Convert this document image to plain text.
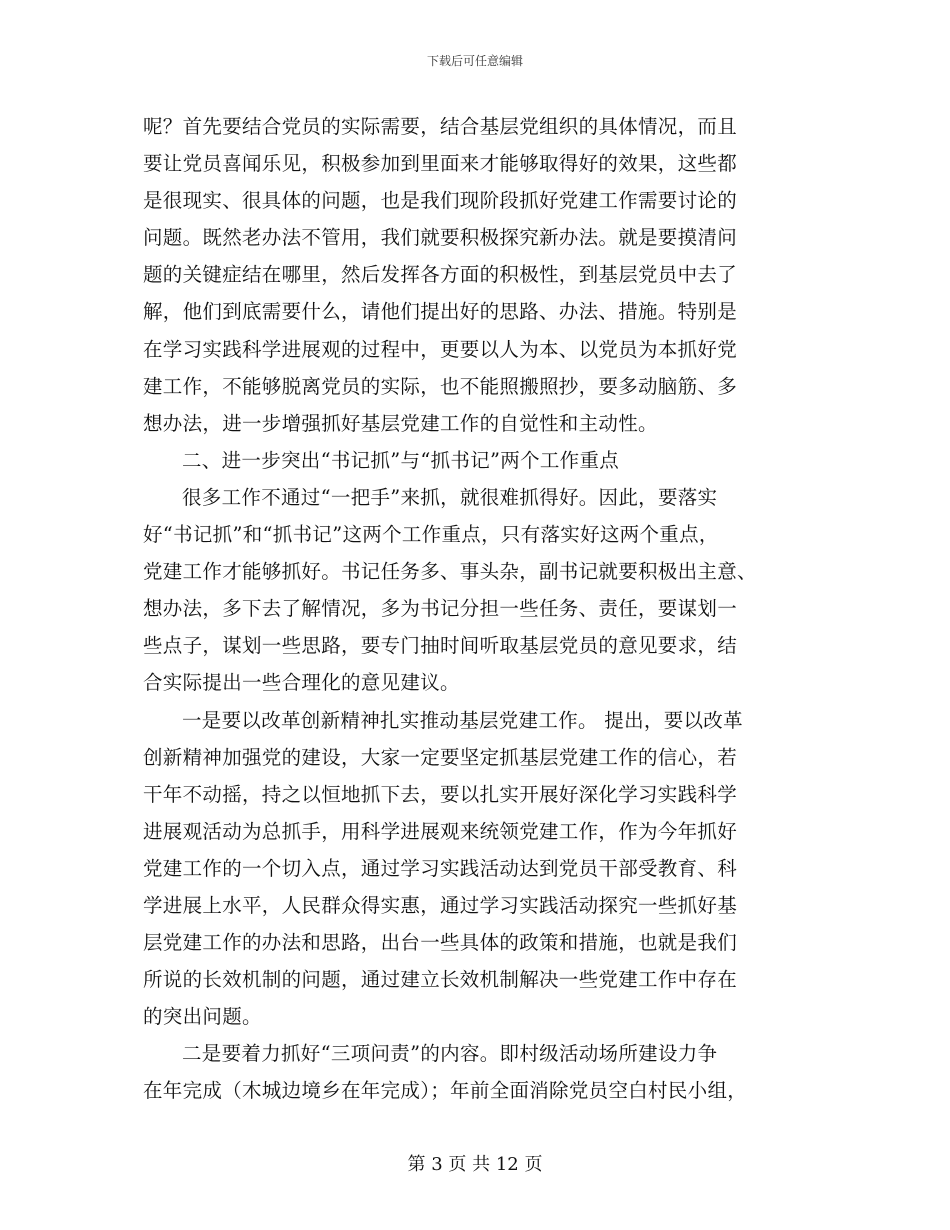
下载后可任意编辑
呢？首先要结合党员的实际需要，结合基层党组织的具体情况，而且
要让党员喜闻乐见，积极参加到里面来才能够取得好的效果，这些都
是很现实、很具体的问题，也是我们现阶段抓好党建工作需要讨论的
问题。既然老办法不管用，我们就要积极探究新办法。就是要摸清问
题的关键症结在哪里，然后发挥各方面的积极性，到基层党员中去了
解，他们到底需要什么，请他们提出好的思路、办法、措施。特别是
在学习实践科学进展观的过程中，更要以人为本、以党员为本抓好党
建工作，不能够脱离党员的实际，也不能照搬照抄，要多动脑筋、多
想办法，进一步增强抓好基层党建工作的自觉性和主动性。
二、进一步突出“书记抓”与“抓书记”两个工作重点
很多工作不通过“一把手”来抓，就很难抓得好。因此，要落实
好“书记抓”和“抓书记”这两个工作重点，只有落实好这两个重点，
党建工作才能够抓好。书记任务多、事头杂，副书记就要积极出主意、
想办法，多下去了解情况，多为书记分担一些任务、责任，要谋划一
些点子，谋划一些思路，要专门抽时间听取基层党员的意见要求，结
合实际提出一些合理化的意见建议。
一是要以改革创新精神扎实推动基层党建工作。 提出，要以改革
创新精神加强党的建设，大家一定要坚定抓基层党建工作的信心，若
干年不动摇，持之以恒地抓下去，要以扎实开展好深化学习实践科学
进展观活动为总抓手，用科学进展观来统领党建工作，作为今年抓好
党建工作的一个切入点，通过学习实践活动达到党员干部受教育、科
学进展上水平，人民群众得实惠，通过学习实践活动探究一些抓好基
层党建工作的办法和思路，出台一些具体的政策和措施，也就是我们
所说的长效机制的问题，通过建立长效机制解决一些党建工作中存在
的突出问题。
二是要着力抓好“三项问责”的内容。即村级活动场所建设力争
在年完成（木城边境乡在年完成）；年前全面消除党员空白村民小组，
第 3 页 共 12 页
